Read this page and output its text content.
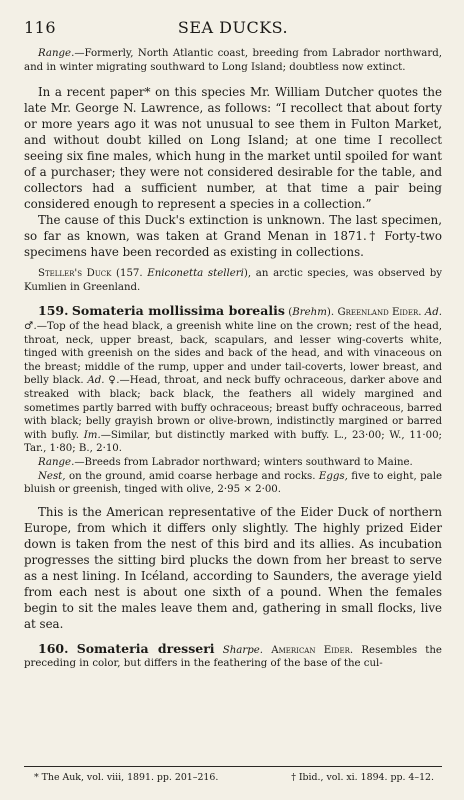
116	SEA DUCKS.

Range.—Formerly, North Atlantic coast, breeding from Labrador northward, and in winter migrating southward to Long Island; doubtless now extinct.

In a recent paper* on this species Mr. William Dutcher quotes the late Mr. George N. Lawrence, as follows: “I recollect that about forty or more years ago it was not unusual to see them in Fulton Market, and without doubt killed on Long Island; at one time I recollect seeing six fine males, which hung in the market until spoiled for want of a purchaser; they were not considered desirable for the table, and collectors had a sufficient number, at that time a pair being considered enough to represent a species in a collection.”

The cause of this Duck's extinction is unknown. The last specimen, so far as known, was taken at Grand Menan in 1871.† Forty-two specimens have been recorded as existing in collections.

Steller's Duck (157. Eniconetta stelleri), an arctic species, was observed by Kumlien in Greenland.

159. Somateria mollissima borealis (Brehm). Greenland Eider. Ad. ♂.—Top of the head black, a greenish white line on the crown; rest of the head, throat, neck, upper breast, back, scapulars, and lesser wing-coverts white, tinged with greenish on the sides and back of the head, and with vinaceous on the breast; middle of the rump, upper and under tail-coverts, lower breast, and belly black. Ad. ♀.—Head, throat, and neck buffy ochraceous, darker above and streaked with black; back black, the feathers all widely margined and sometimes partly barred with buffy ochraceous; breast buffy ochraceous, barred with black; belly grayish brown or olive-brown, indistinctly margined or barred with bufly. Im.—Similar, but distinctly marked with buffy. L., 23·00; W., 11·00; Tar., 1·80; B., 2·10.

Range.—Breeds from Labrador northward; winters southward to Maine.

Nest, on the ground, amid coarse herbage and rocks. Eggs, five to eight, pale bluish or greenish, tinged with olive, 2·95 × 2·00.

This is the American representative of the Eider Duck of northern Europe, from which it differs only slightly. The highly prized Eider down is taken from the nest of this bird and its allies. As incubation progresses the sitting bird plucks the down from her breast to serve as a nest lining. In Icéland, according to Saunders, the average yield from each nest is about one sixth of a pound. When the females begin to sit the males leave them and, gathering in small flocks, live at sea.

160. Somateria dresseri Sharpe. American Eider. Resembles the preceding in color, but differs in the feathering of the base of the cul-

* The Auk, vol. viii, 1891. pp. 201–216.	† Ibid., vol. xi. 1894. pp. 4–12.
